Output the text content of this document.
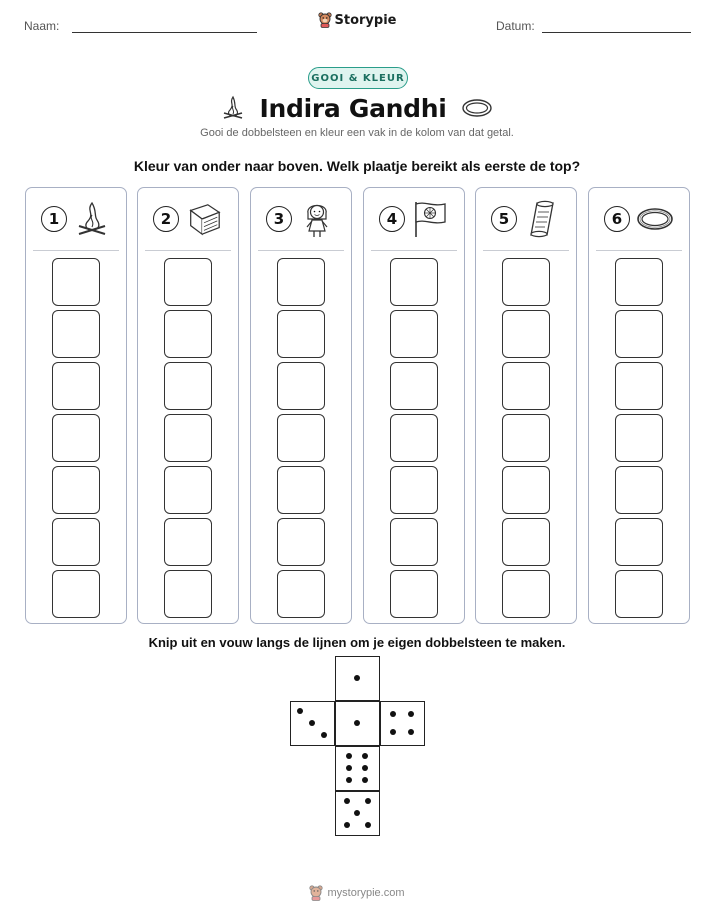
Naam:	Storypie	Datum:
GOOI & KLEUR
Indira Gandhi
Gooi de dobbelsteen en kleur een vak in de kolom van dat getal.
Kleur van onder naar boven. Welk plaatje bereikt als eerste de top?
1	2	3	4	5	6
Knip uit en vouw langs de lijnen om je eigen dobbelsteen te maken.
mystorypie.com
